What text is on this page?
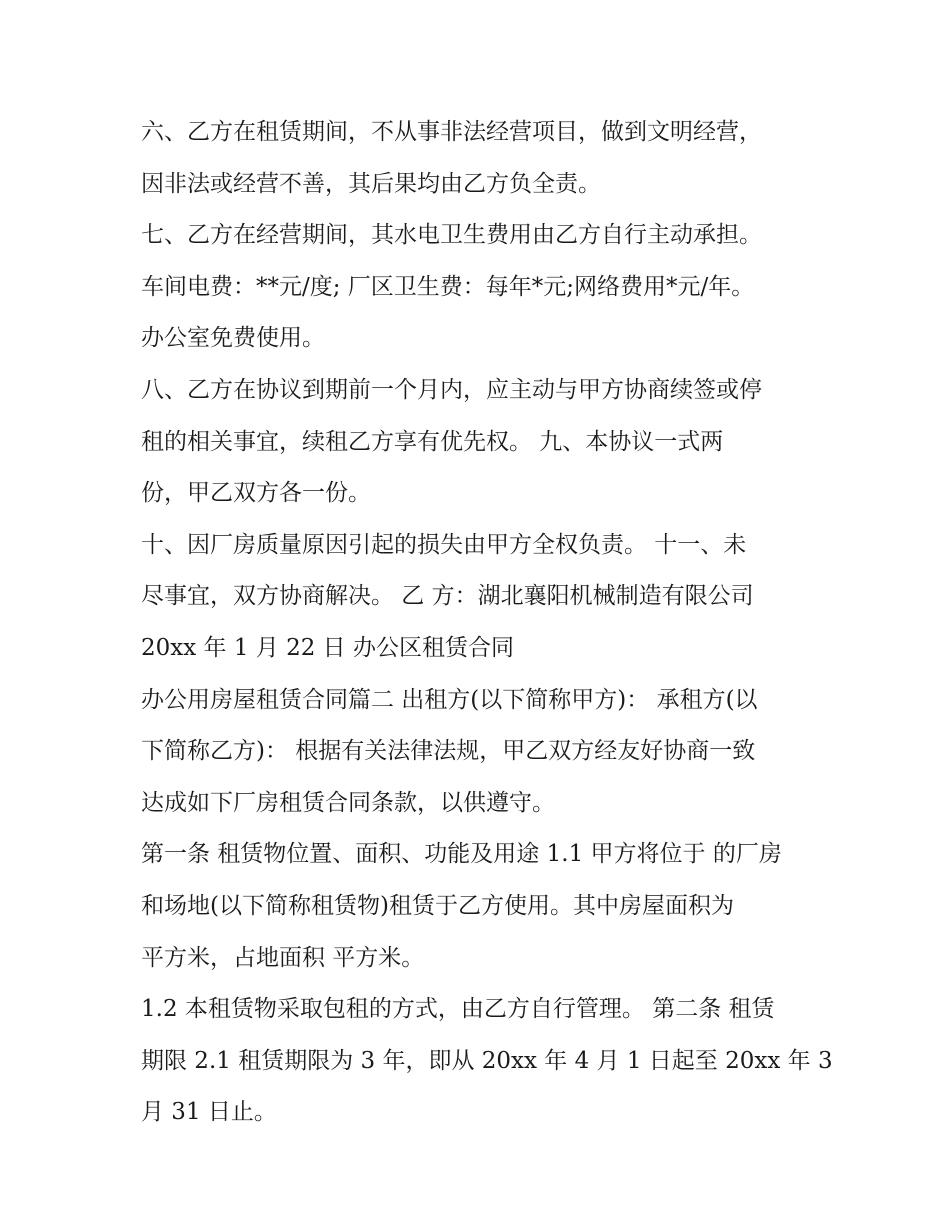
六、乙方在租赁期间，不从事非法经营项目，做到文明经营，
因非法或经营不善，其后果均由乙方负全责。
七、乙方在经营期间，其水电卫生费用由乙方自行主动承担。
车间电费：**元/度; 厂区卫生费：每年*元;网络费用*元/年。
办公室免费使用。
八、乙方在协议到期前一个月内，应主动与甲方协商续签或停
租的相关事宜，续租乙方享有优先权。 九、本协议一式两
份，甲乙双方各一份。
十、因厂房质量原因引起的损失由甲方全权负责。 十一、未
尽事宜，双方协商解决。 乙 方：湖北襄阳机械制造有限公司
20xx 年 1 月 22 日 办公区租赁合同
办公用房屋租赁合同篇二 出租方(以下简称甲方)： 承租方(以
下简称乙方)： 根据有关法律法规，甲乙双方经友好协商一致
达成如下厂房租赁合同条款，以供遵守。
第一条 租赁物位置、面积、功能及用途 1.1 甲方将位于 的厂房
和场地(以下简称租赁物)租赁于乙方使用。其中房屋面积为
平方米，占地面积 平方米。
1.2 本租赁物采取包租的方式，由乙方自行管理。 第二条 租赁
期限 2.1 租赁期限为 3 年，即从 20xx 年 4 月 1 日起至 20xx 年 3
月 31 日止。
